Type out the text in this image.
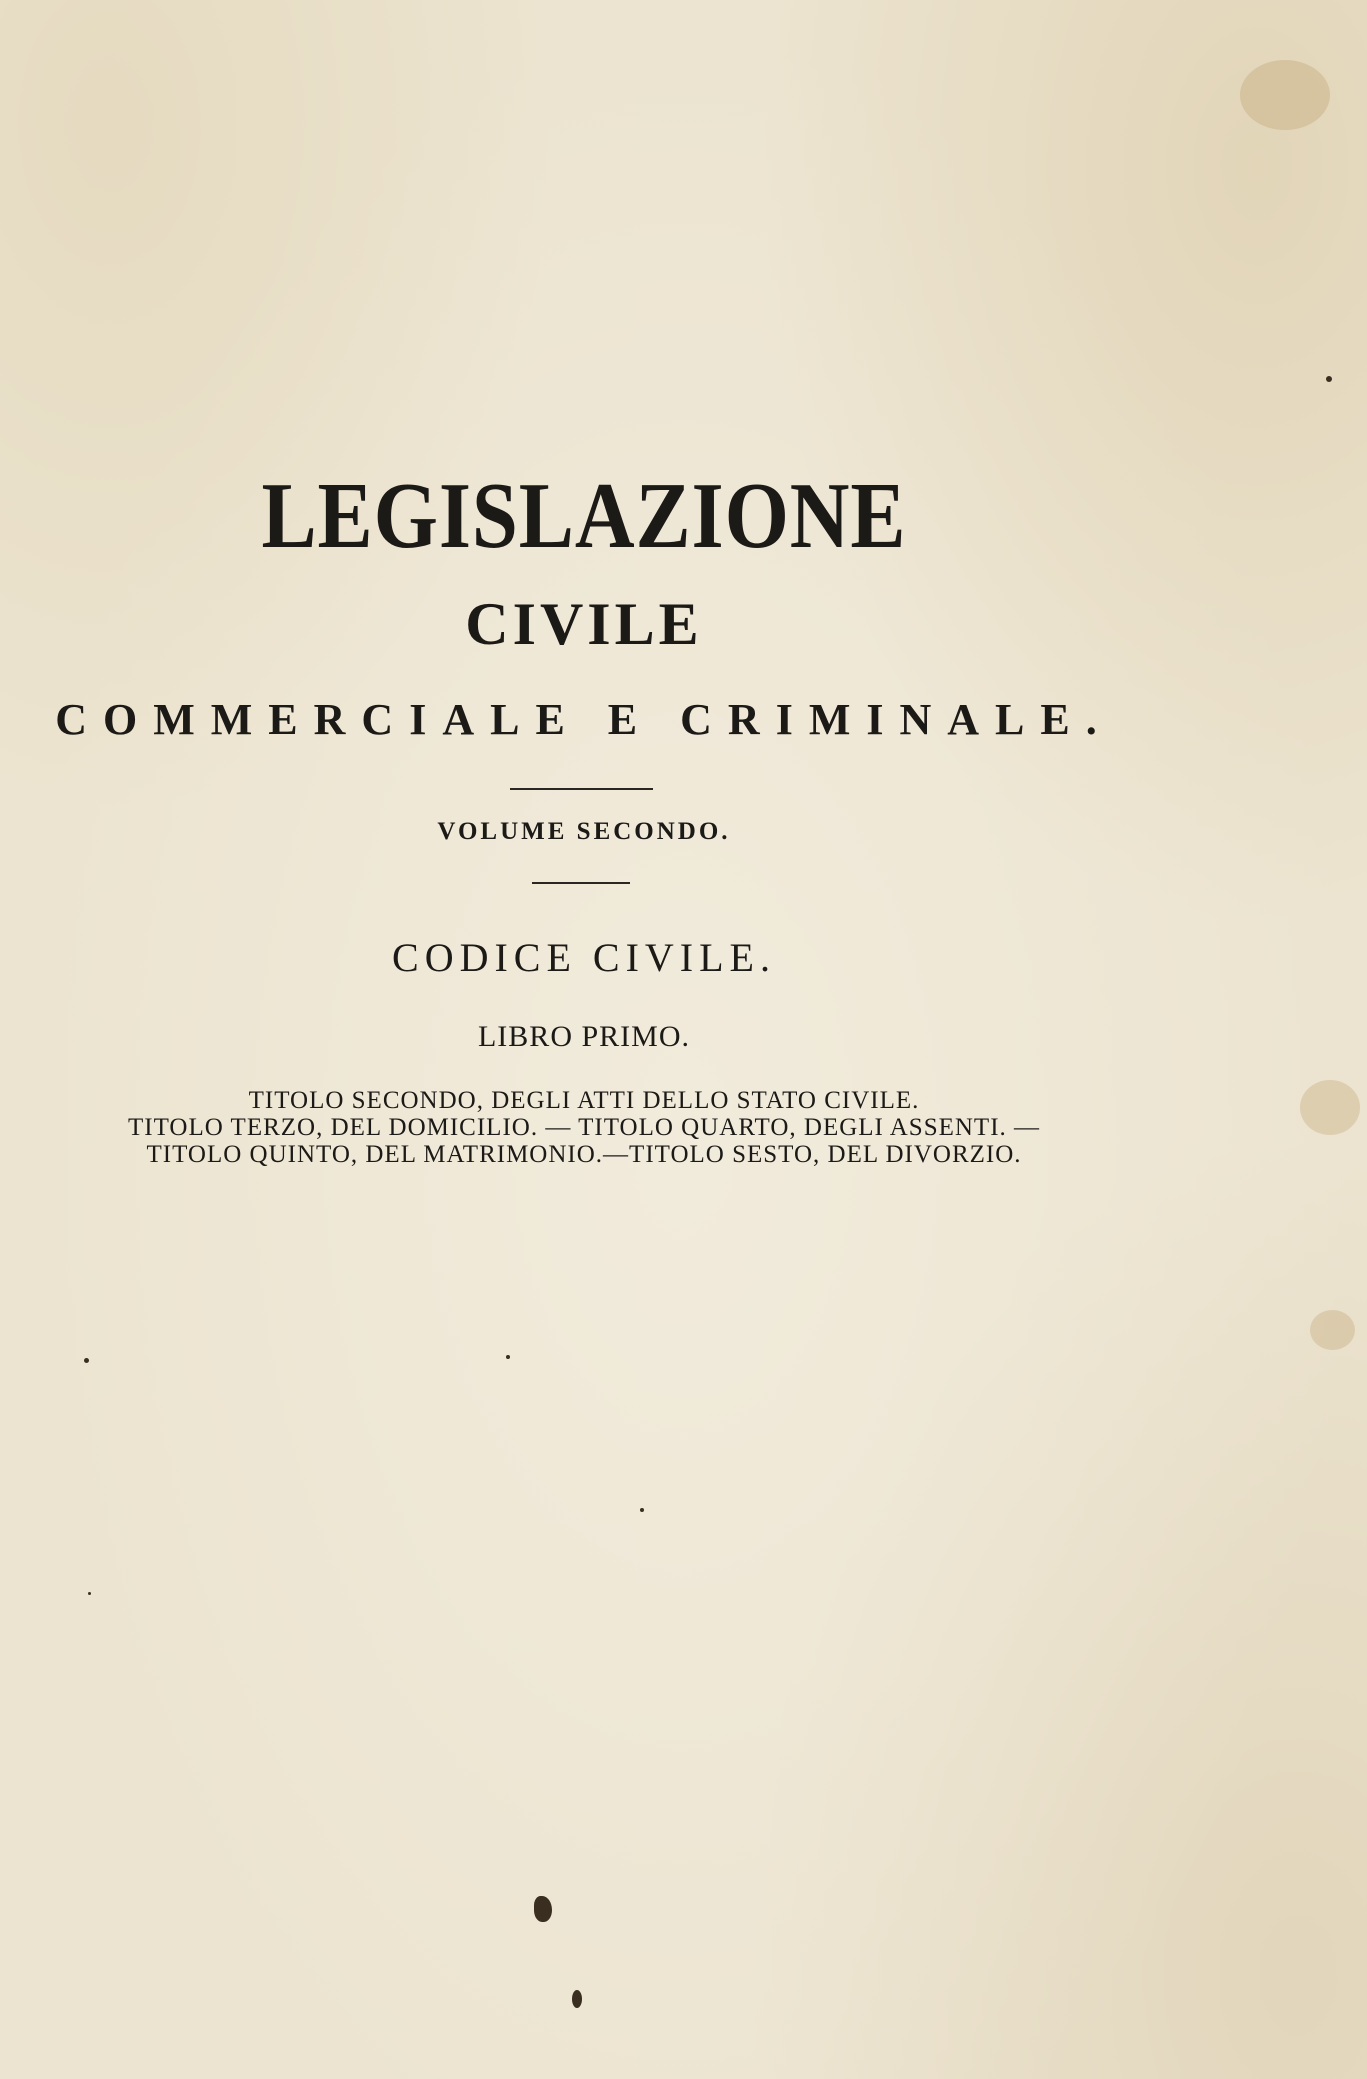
LEGISLAZIONE
CIVILE
COMMERCIALE E CRIMINALE.
VOLUME SECONDO.
CODICE CIVILE.
LIBRO PRIMO.
TITOLO SECONDO, DEGLI ATTI DELLO STATO CIVILE.
TITOLO TERZO, DEL DOMICILIO. — TITOLO QUARTO, DEGLI ASSENTI. —
TITOLO QUINTO, DEL MATRIMONIO.—TITOLO SESTO, DEL DIVORZIO.
